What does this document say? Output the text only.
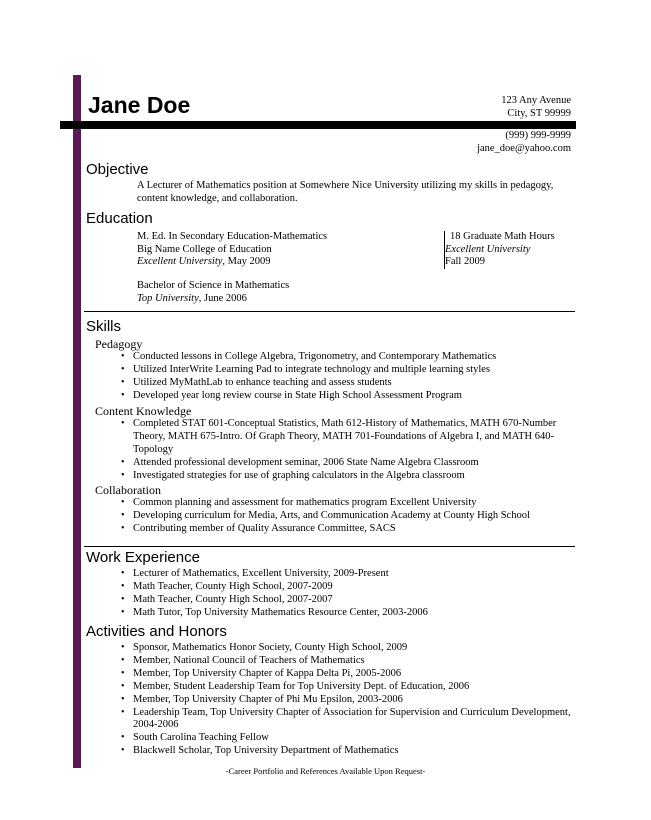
Jane Doe	123 Any Avenue
City, ST 99999
(999) 999-9999
jane_doe@yahoo.com
Objective
A Lecturer of Mathematics position at Somewhere Nice University utilizing my skills in pedagogy, content knowledge, and collaboration.
Education
M. Ed. In Secondary Education-Mathematics
Big Name College of Education
Excellent University, May 2009
18 Graduate Math Hours
Excellent University
Fall 2009
Bachelor of Science in Mathematics
Top University, June 2006
Skills
Pedagogy
• Conducted lessons in College Algebra, Trigonometry, and Contemporary Mathematics
• Utilized InterWrite Learning Pad to integrate technology and multiple learning styles
• Utilized MyMathLab to enhance teaching and assess students
• Developed year long review course in State High School Assessment Program
Content Knowledge
• Completed STAT 601-Conceptual Statistics, Math 612-History of Mathematics, MATH 670-Number Theory, MATH 675-Intro. Of Graph Theory, MATH 701-Foundations of Algebra I, and MATH 640-Topology
• Attended professional development seminar, 2006 State Name Algebra Classroom
• Investigated strategies for use of graphing calculators in the Algebra classroom
Collaboration
• Common planning and assessment for mathematics program Excellent University
• Developing curriculum for Media, Arts, and Communication Academy at County High School
• Contributing member of Quality Assurance Committee, SACS
Work Experience
• Lecturer of Mathematics, Excellent University, 2009-Present
• Math Teacher, County High School, 2007-2009
• Math Teacher, County High School, 2007-2007
• Math Tutor, Top University Mathematics Resource Center, 2003-2006
Activities and Honors
• Sponsor, Mathematics Honor Society, County High School, 2009
• Member, National Council of Teachers of Mathematics
• Member, Top University Chapter of Kappa Delta Pi, 2005-2006
• Member, Student Leadership Team for Top University Dept. of Education, 2006
• Member, Top University Chapter of Phi Mu Epsilon, 2003-2006
• Leadership Team, Top University Chapter of Association for Supervision and Curriculum Development, 2004-2006
• South Carolina Teaching Fellow
• Blackwell Scholar, Top University Department of Mathematics
-Career Portfolio and References Available Upon Request-
